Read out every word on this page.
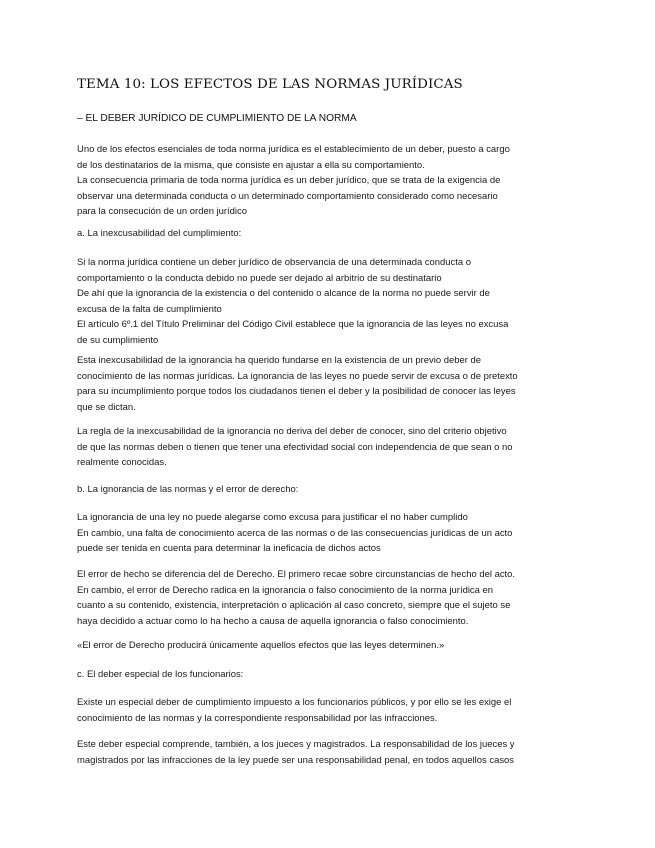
TEMA 10: LOS EFECTOS DE LAS NORMAS JURÍDICAS
– EL DEBER JURÍDICO DE CUMPLIMIENTO DE LA NORMA

Uno de los efectos esenciales de toda norma jurídica es el establecimiento de un deber, puesto a cargo

de los destinatarios de la misma, que consiste en ajustar a ella su comportamiento.

La consecuencia primaria de toda norma jurídica es un deber jurídico, que se trata de la exigencia de

observar una determinada conducta o un determinado comportamiento considerado como necesario

para la consecución de un orden jurídico

a. La inexcusabilidad del cumplimiento:

Si la norma jurídica contiene un deber jurídico de observancia de una determinada conducta o

comportamiento o la conducta debido no puede ser dejado al arbitrio de su destinatario

De ahí que la ignorancia de la existencia o del contenido o alcance de la norma no puede servir de

excusa de la falta de cumplimiento

El artículo 6º.1 del Título Preliminar del Código Civil establece que la ignorancia de las leyes no excusa

de su cumplimiento

Esta inexcusabilidad de la ignorancia ha querido fundarse en la existencia de un previo deber de

conocimiento de las normas jurídicas. La ignorancia de las leyes no puede servir de excusa o de pretexto

para su incumplimiento porque todos los ciudadanos tienen el deber y la posibilidad de conocer las leyes

que se dictan.

La regla de la inexcusabilidad de la ignorancia no deriva del deber de conocer, sino del criterio objetivo

de que las normas deben o tienen que tener una efectividad social con independencia de que sean o no

realmente conocidas.

b. La ignorancia de las normas y el error de derecho:

La ignorancia de una ley no puede alegarse como excusa para justificar el no haber cumplido

En cambio, una falta de conocimiento acerca de las normas o de las consecuencias jurídicas de un acto

puede ser tenida en cuenta para determinar la ineficacia de dichos actos

El error de hecho se diferencia del de Derecho. El primero recae sobre circunstancias de hecho del acto.

En cambio, el error de Derecho radica en la ignorancia o falso conocimiento de la norma jurídica en

cuanto a su contenido, existencia, interpretación o aplicación al caso concreto, siempre que el sujeto se

haya decidido a actuar como lo ha hecho a causa de aquella ignorancia o falso conocimiento.

«El error de Derecho producirá únicamente aquellos efectos que las leyes determinen.»

c. El deber especial de los funcionarios:

Existe un especial deber de cumplimiento impuesto a los funcionarios públicos, y por ello se les exige el

conocimiento de las normas y la correspondiente responsabilidad por las infracciones.

Este deber especial comprende, también, a los jueces y magistrados. La responsabilidad de los jueces y

magistrados por las infracciones de la ley puede ser una responsabilidad penal, en todos aquellos casos
